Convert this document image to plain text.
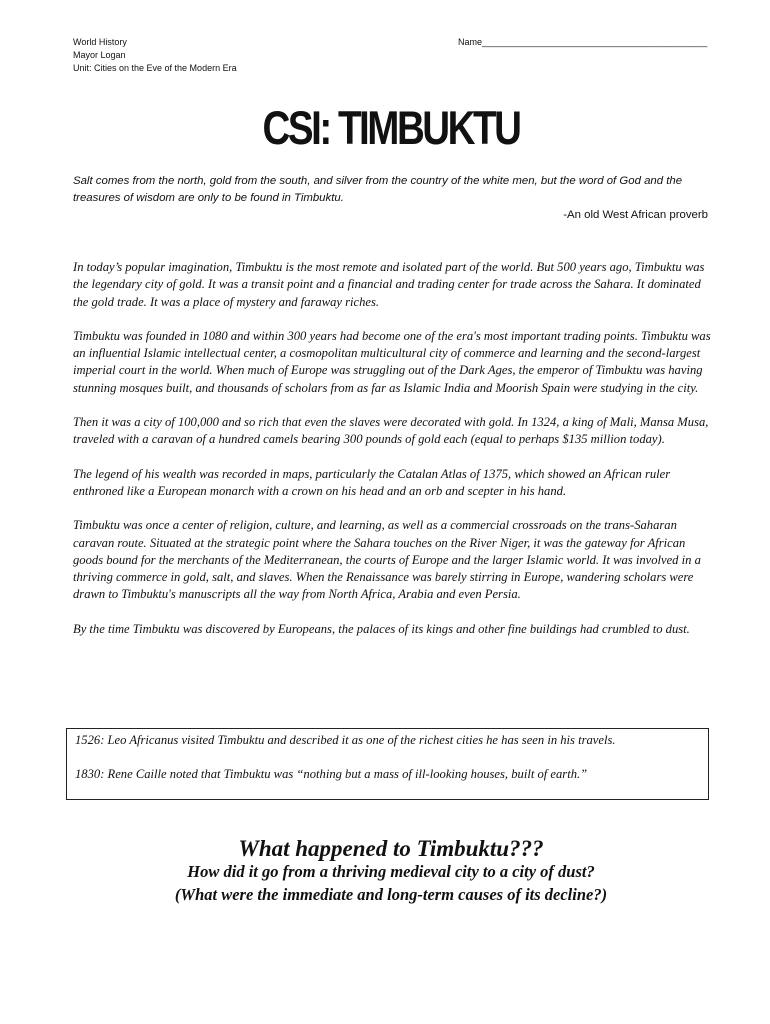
World History
Mayor Logan
Unit: Cities on the Eve of the Modern Era
Name_____________________________________________
CSI: TIMBUKTU
Salt comes from the north, gold from the south, and silver from the country of the white men, but the word of God and the treasures of wisdom are only to be found in Timbuktu.
-An old West African proverb

In today’s popular imagination, Timbuktu is the most remote and isolated part of the world. But 500 years ago, Timbuktu was the legendary city of gold. It was a transit point and a financial and trading center for trade across the Sahara. It dominated the gold trade. It was a place of mystery and faraway riches.

Timbuktu was founded in 1080 and within 300 years had become one of the era's most important trading points. Timbuktu was an influential Islamic intellectual center, a cosmopolitan multicultural city of commerce and learning and the second-largest imperial court in the world. When much of Europe was struggling out of the Dark Ages, the emperor of Timbuktu was having stunning mosques built, and thousands of scholars from as far as Islamic India and Moorish Spain were studying in the city.

Then it was a city of 100,000 and so rich that even the slaves were decorated with gold. In 1324, a king of Mali, Mansa Musa, traveled with a caravan of a hundred camels bearing 300 pounds of gold each (equal to perhaps $135 million today).

The legend of his wealth was recorded in maps, particularly the Catalan Atlas of 1375, which showed an African ruler enthroned like a European monarch with a crown on his head and an orb and scepter in his hand.

Timbuktu was once a center of religion, culture, and learning, as well as a commercial crossroads on the trans-Saharan caravan route. Situated at the strategic point where the Sahara touches on the River Niger, it was the gateway for African goods bound for the merchants of the Mediterranean, the courts of Europe and the larger Islamic world. It was involved in a thriving commerce in gold, salt, and slaves. When the Renaissance was barely stirring in Europe, wandering scholars were drawn to Timbuktu's manuscripts all the way from North Africa, Arabia and even Persia.

By the time Timbuktu was discovered by Europeans, the palaces of its kings and other fine buildings had crumbled to dust.

1526: Leo Africanus visited Timbuktu and described it as one of the richest cities he has seen in his travels.

1830: Rene Caille noted that Timbuktu was “nothing but a mass of ill-looking houses, built of earth.”

What happened to Timbuktu???
How did it go from a thriving medieval city to a city of dust?
(What were the immediate and long-term causes of its decline?)
